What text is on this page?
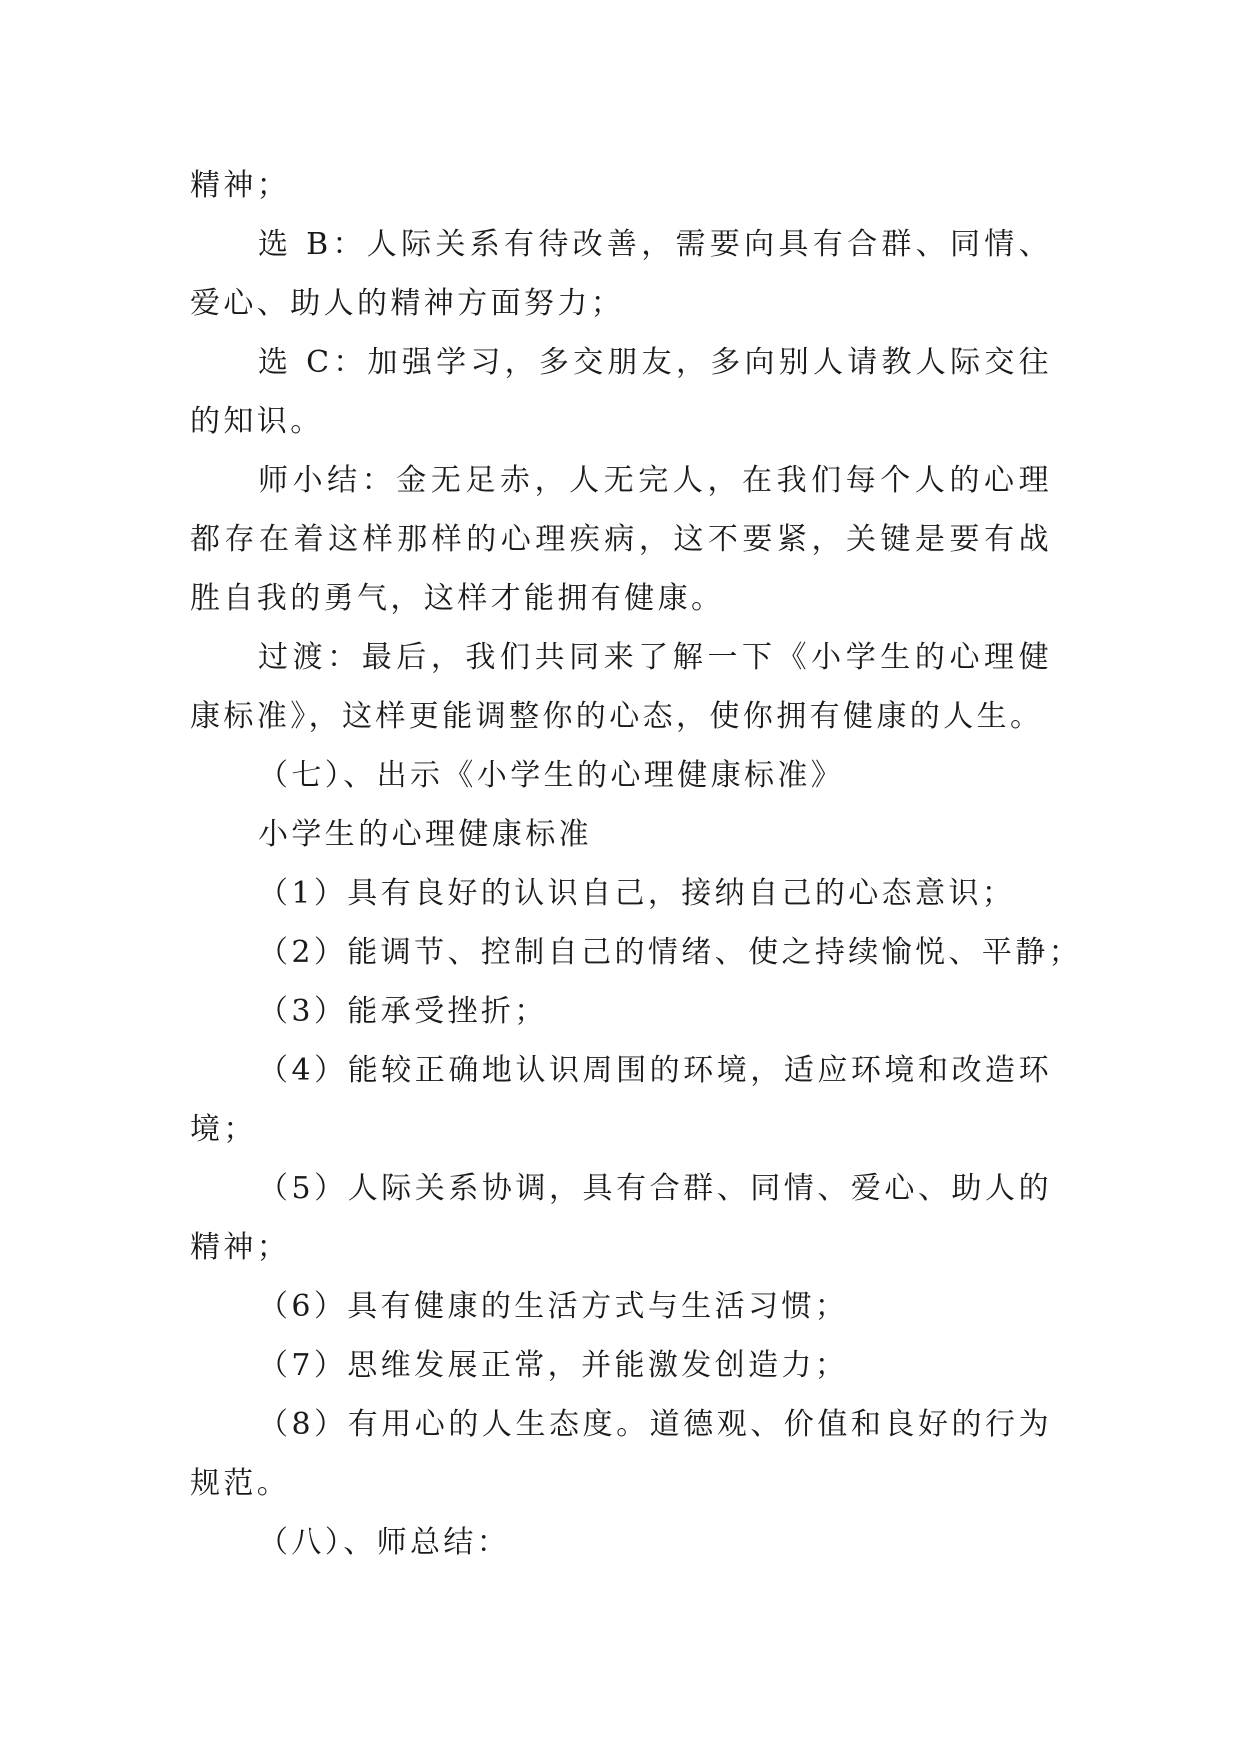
精神；

选 B：人际关系有待改善，需要向具有合群、同情、爱心、助人的精神方面努力；

选 C：加强学习，多交朋友，多向别人请教人际交往的知识。

师小结：金无足赤，人无完人，在我们每个人的心理都存在着这样那样的心理疾病，这不要紧，关键是要有战胜自我的勇气，这样才能拥有健康。

过渡：最后，我们共同来了解一下《小学生的心理健康标准》，这样更能调整你的心态，使你拥有健康的人生。

（七）、出示《小学生的心理健康标准》

小学生的心理健康标准

（1）具有良好的认识自己，接纳自己的心态意识；

（2）能调节、控制自己的情绪、使之持续愉悦、平静；

（3）能承受挫折；

（4）能较正确地认识周围的环境，适应环境和改造环境；

（5）人际关系协调，具有合群、同情、爱心、助人的精神；

（6）具有健康的生活方式与生活习惯；

（7）思维发展正常，并能激发创造力；

（8）有用心的人生态度。道德观、价值和良好的行为规范。

（八）、师总结：
